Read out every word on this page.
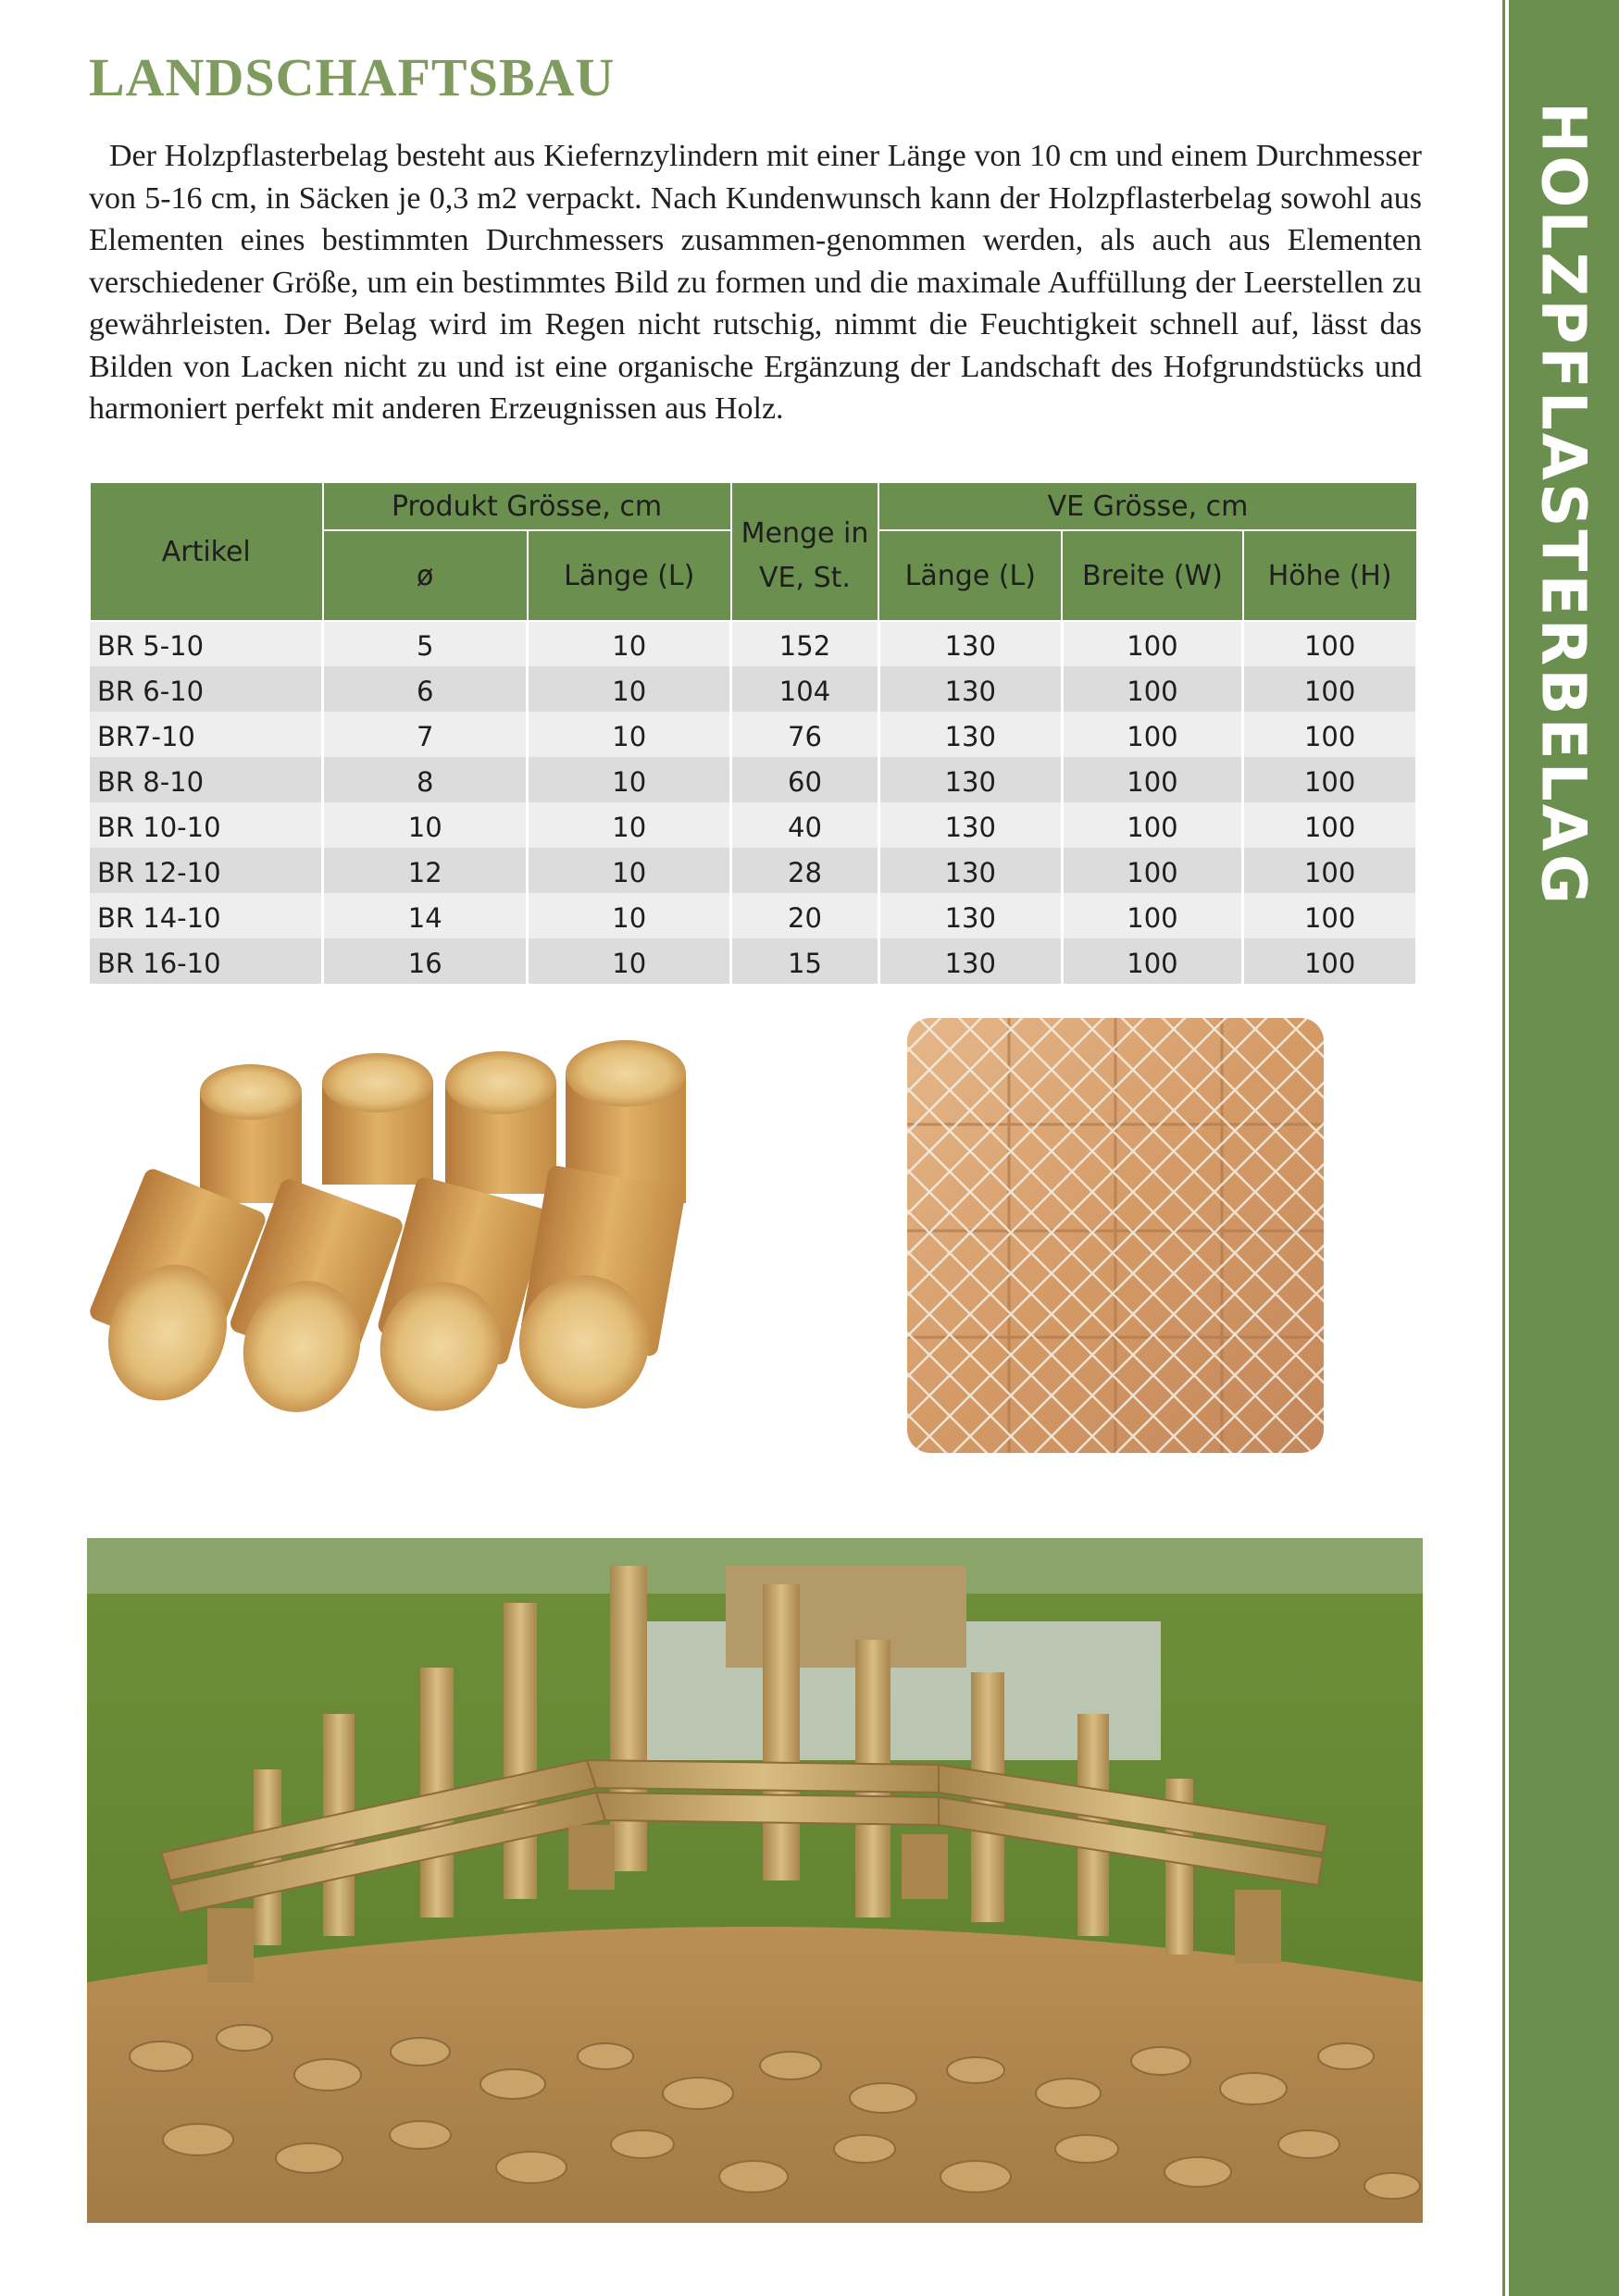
HOLZPFLASTERBELAG
LANDSCHAFTSBAU

Der Holzpflasterbelag besteht aus Kiefernzylindern mit einer Länge von 10 cm und einem Durchmesser von 5-16 cm, in Säcken je 0,3 m2 verpackt. Nach Kundenwunsch kann der Holzpflasterbelag sowohl aus Elementen eines bestimmten Durchmessers zusammen-genommen werden, als auch aus Elementen verschiedener Größe, um ein bestimmtes Bild zu formen und die maximale Auffüllung der Leerstellen zu gewährleisten. Der Belag wird im Regen nicht rutschig, nimmt die Feuchtigkeit schnell auf, lässt das Bilden von Lacken nicht zu und ist eine organische Ergänzung der Landschaft des Hofgrundstücks und harmoniert perfekt mit anderen Erzeugnissen aus Holz.

Artikel	Produkt Grösse, cm		Menge in VE, St.	VE Grösse, cm		
	ø	Länge (L)		Länge (L)	Breite (W)	Höhe (H)
BR 5-10	5	10	152	130	100	100
BR 6-10	6	10	104	130	100	100
BR7-10	7	10	76	130	100	100
BR 8-10	8	10	60	130	100	100
BR 10-10	10	10	40	130	100	100
BR 12-10	12	10	28	130	100	100
BR 14-10	14	10	20	130	100	100
BR 16-10	16	10	15	130	100	100
